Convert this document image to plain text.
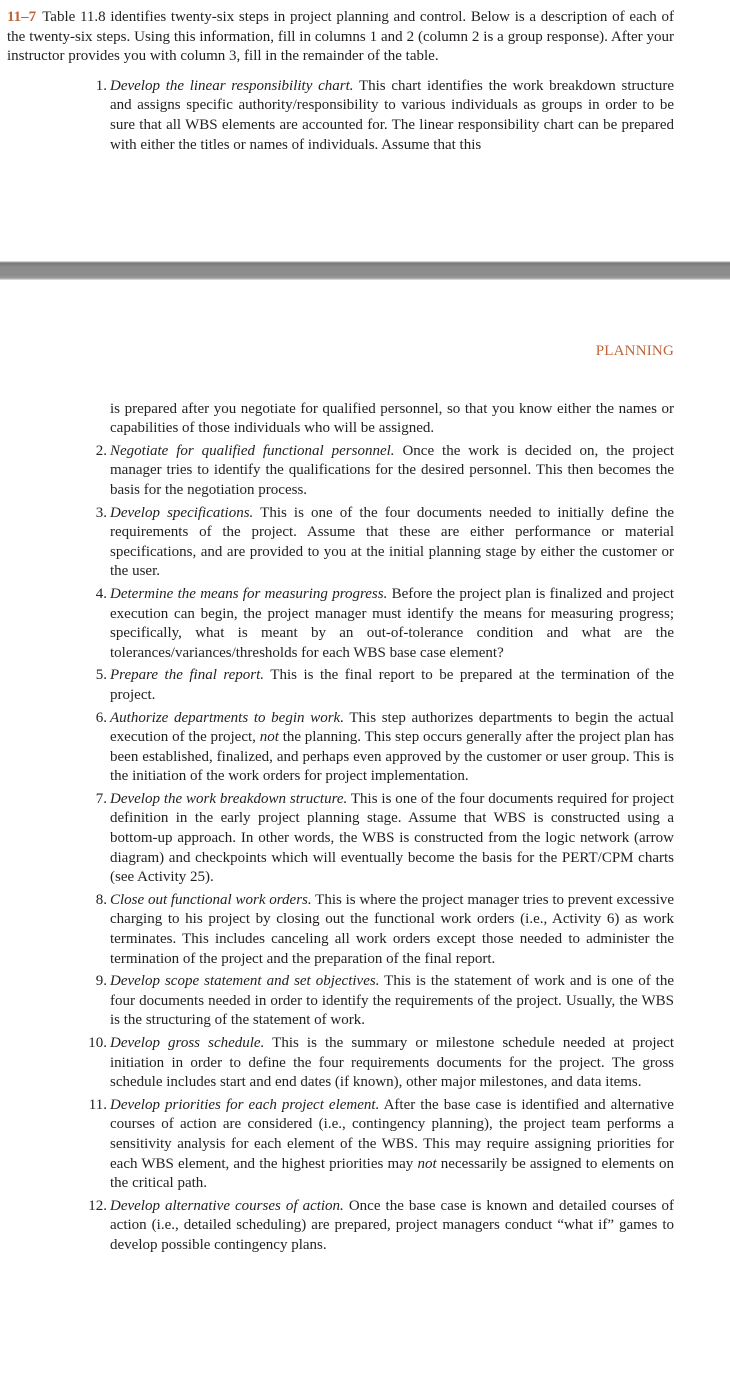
11–7 Table 11.8 identifies twenty-six steps in project planning and control. Below is a description of each of the twenty-six steps. Using this information, fill in columns 1 and 2 (column 2 is a group response). After your instructor provides you with column 3, fill in the remainder of the table.

1. Develop the linear responsibility chart. This chart identifies the work breakdown structure and assigns specific authority/responsibility to various individuals as groups in order to be sure that all WBS elements are accounted for. The linear responsibility chart can be prepared with either the titles or names of individuals. Assume that this

PLANNING

is prepared after you negotiate for qualified personnel, so that you know either the names or capabilities of those individuals who will be assigned.
2. Negotiate for qualified functional personnel. Once the work is decided on, the project manager tries to identify the qualifications for the desired personnel. This then becomes the basis for the negotiation process.
3. Develop specifications. This is one of the four documents needed to initially define the requirements of the project. Assume that these are either performance or material specifications, and are provided to you at the initial planning stage by either the customer or the user.
4. Determine the means for measuring progress. Before the project plan is finalized and project execution can begin, the project manager must identify the means for measuring progress; specifically, what is meant by an out-of-tolerance condition and what are the tolerances/variances/thresholds for each WBS base case element?
5. Prepare the final report. This is the final report to be prepared at the termination of the project.
6. Authorize departments to begin work. This step authorizes departments to begin the actual execution of the project, not the planning. This step occurs generally after the project plan has been established, finalized, and perhaps even approved by the customer or user group. This is the initiation of the work orders for project implementation.
7. Develop the work breakdown structure. This is one of the four documents required for project definition in the early project planning stage. Assume that WBS is constructed using a bottom-up approach. In other words, the WBS is constructed from the logic network (arrow diagram) and checkpoints which will eventually become the basis for the PERT/CPM charts (see Activity 25).
8. Close out functional work orders. This is where the project manager tries to prevent excessive charging to his project by closing out the functional work orders (i.e., Activity 6) as work terminates. This includes canceling all work orders except those needed to administer the termination of the project and the preparation of the final report.
9. Develop scope statement and set objectives. This is the statement of work and is one of the four documents needed in order to identify the requirements of the project. Usually, the WBS is the structuring of the statement of work.
10. Develop gross schedule. This is the summary or milestone schedule needed at project initiation in order to define the four requirements documents for the project. The gross schedule includes start and end dates (if known), other major milestones, and data items.
11. Develop priorities for each project element. After the base case is identified and alternative courses of action are considered (i.e., contingency planning), the project team performs a sensitivity analysis for each element of the WBS. This may require assigning priorities for each WBS element, and the highest priorities may not necessarily be assigned to elements on the critical path.
12. Develop alternative courses of action. Once the base case is known and detailed courses of action (i.e., detailed scheduling) are prepared, project managers conduct “what if” games to develop possible contingency plans.
